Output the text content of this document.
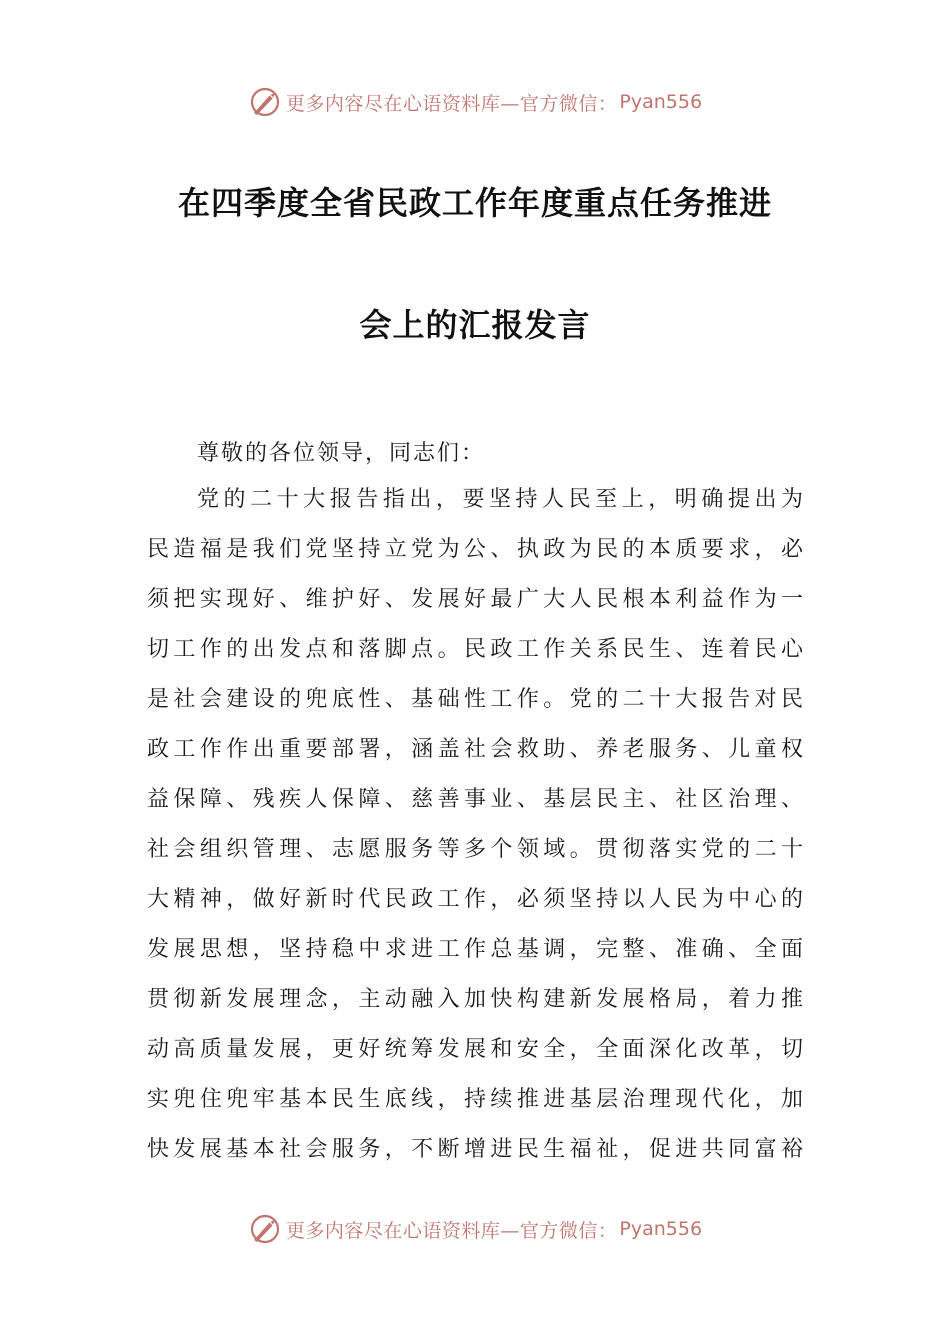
更多内容尽在心语资料库—官方微信： Pyan556
在四季度全省民政工作年度重点任务推进
会上的汇报发言
尊敬的各位领导，同志们：
党的二十大报告指出，要坚持人民至上，明确提出为
民造福是我们党坚持立党为公、执政为民的本质要求，必
须把实现好、维护好、发展好最广大人民根本利益作为一
切工作的出发点和落脚点。民政工作关系民生、连着民心
是社会建设的兜底性、基础性工作。党的二十大报告对民
政工作作出重要部署，涵盖社会救助、养老服务、儿童权
益保障、残疾人保障、慈善事业、基层民主、社区治理、
社会组织管理、志愿服务等多个领域。贯彻落实党的二十
大精神，做好新时代民政工作，必须坚持以人民为中心的
发展思想，坚持稳中求进工作总基调，完整、准确、全面
贯彻新发展理念，主动融入加快构建新发展格局，着力推
动高质量发展，更好统筹发展和安全，全面深化改革，切
实兜住兜牢基本民生底线，持续推进基层治理现代化，加
快发展基本社会服务，不断增进民生福祉，促进共同富裕
更多内容尽在心语资料库—官方微信： Pyan556
